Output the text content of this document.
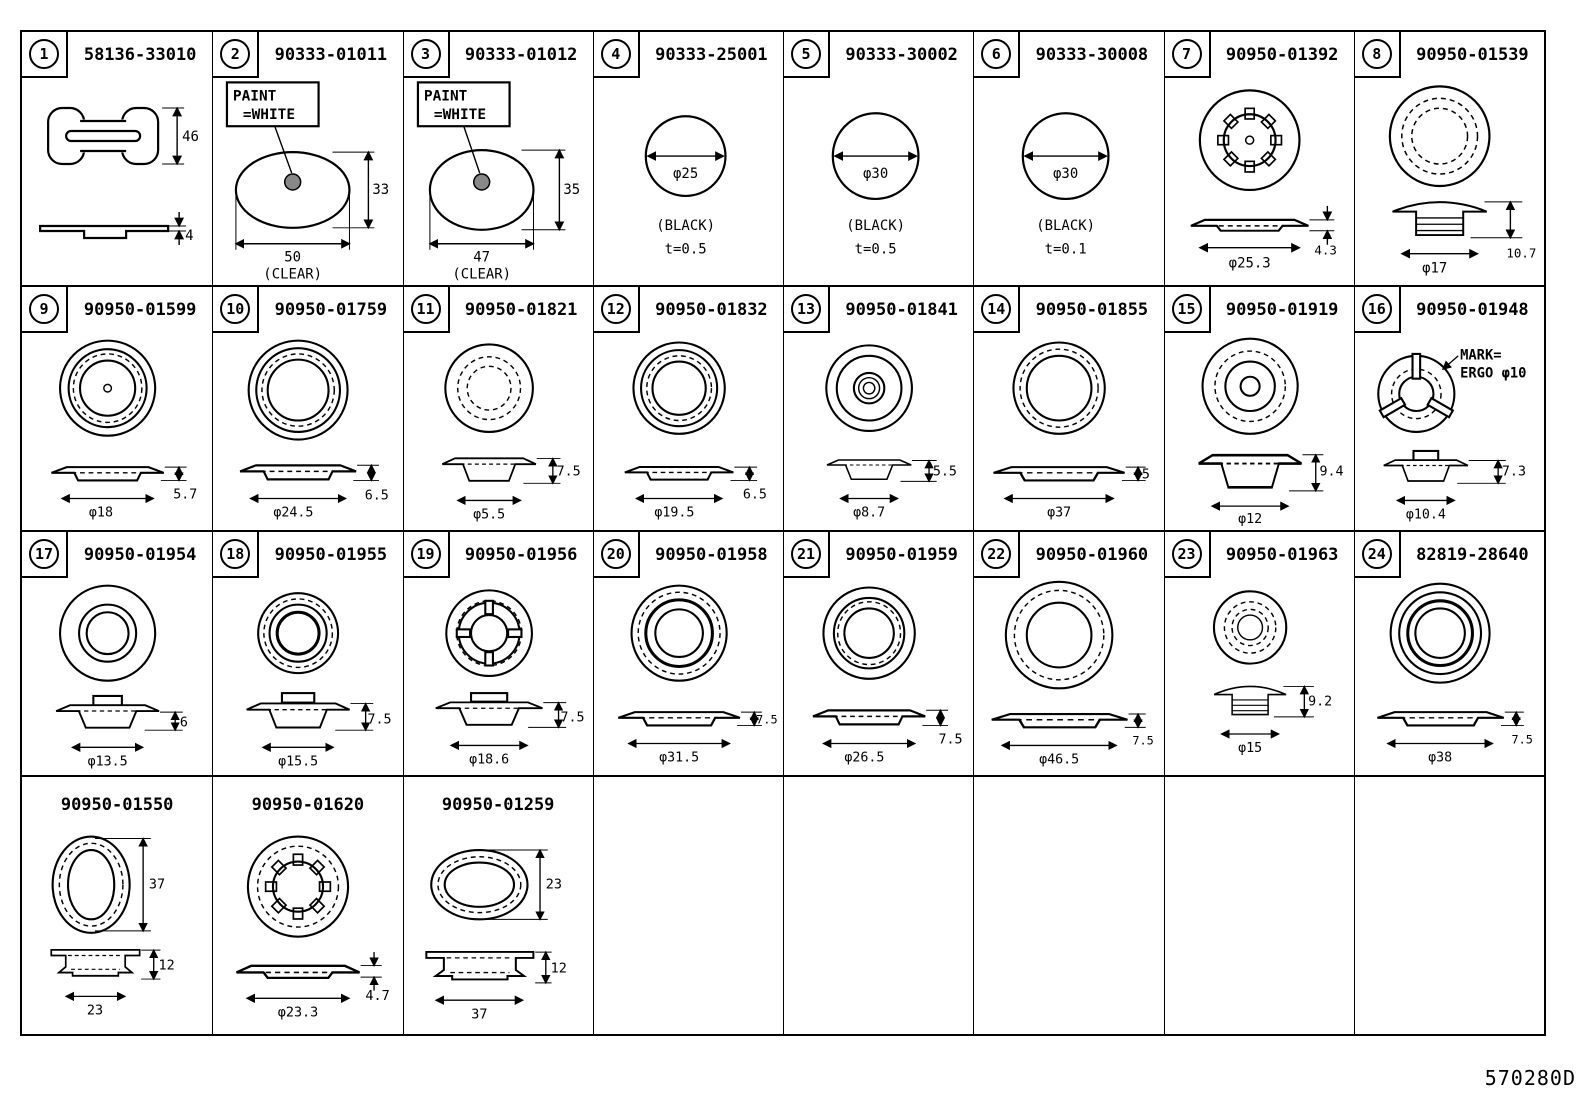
1	58136-33010
46
4
2	90333-01011
PAINT
=WHITE
33
50
(CLEAR)
3	90333-01012
PAINT
=WHITE
35
47
(CLEAR)
4	90333-25001
φ25
(BLACK)
t=0.5
5	90333-30002
φ30
(BLACK)
t=0.5
6	90333-30008
φ30
(BLACK)
t=0.1
7	90950-01392
4.3
φ25.3
8	90950-01539
10.7
φ17
9	90950-01599
5.7
φ18
10	90950-01759
6.5
φ24.5
11	90950-01821
7.5
φ5.5
12	90950-01832
6.5
φ19.5
13	90950-01841
5.5
φ8.7
14	90950-01855
5
φ37
15	90950-01919
9.4
φ12
16	90950-01948
MARK=
ERGO φ10
7.3
φ10.4
17	90950-01954
6
φ13.5
18	90950-01955
7.5
φ15.5
19	90950-01956
7.5
φ18.6
20	90950-01958
7.5
φ31.5
21	90950-01959
7.5
φ26.5
22	90950-01960
7.5
φ46.5
23	90950-01963
9.2
φ15
24	82819-28640
7.5
φ38
90950-01550
37
12
23
90950-01620
4.7
φ23.3
90950-01259
23
12
37
570280D
